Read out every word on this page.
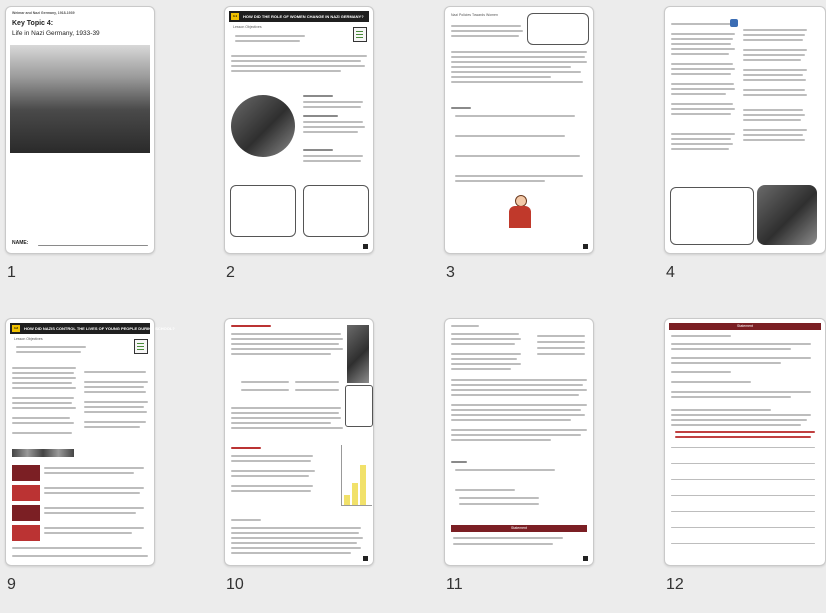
Weimar and Nazi Germany, 1918-1939
Key Topic 4:
Life in Nazi Germany, 1933-39
NAME:
1
4.1	HOW DID THE ROLE OF WOMEN CHANGE IN NAZI GERMANY?
Lesson Objectives
2
Nazi Policies Towards Women
3	4
4.2	HOW DID NAZIS CONTROL THE LIVES OF YOUNG PEOPLE DURING SCHOOL?
Lesson Objectives
9	10
Statement
11
Statement
12
